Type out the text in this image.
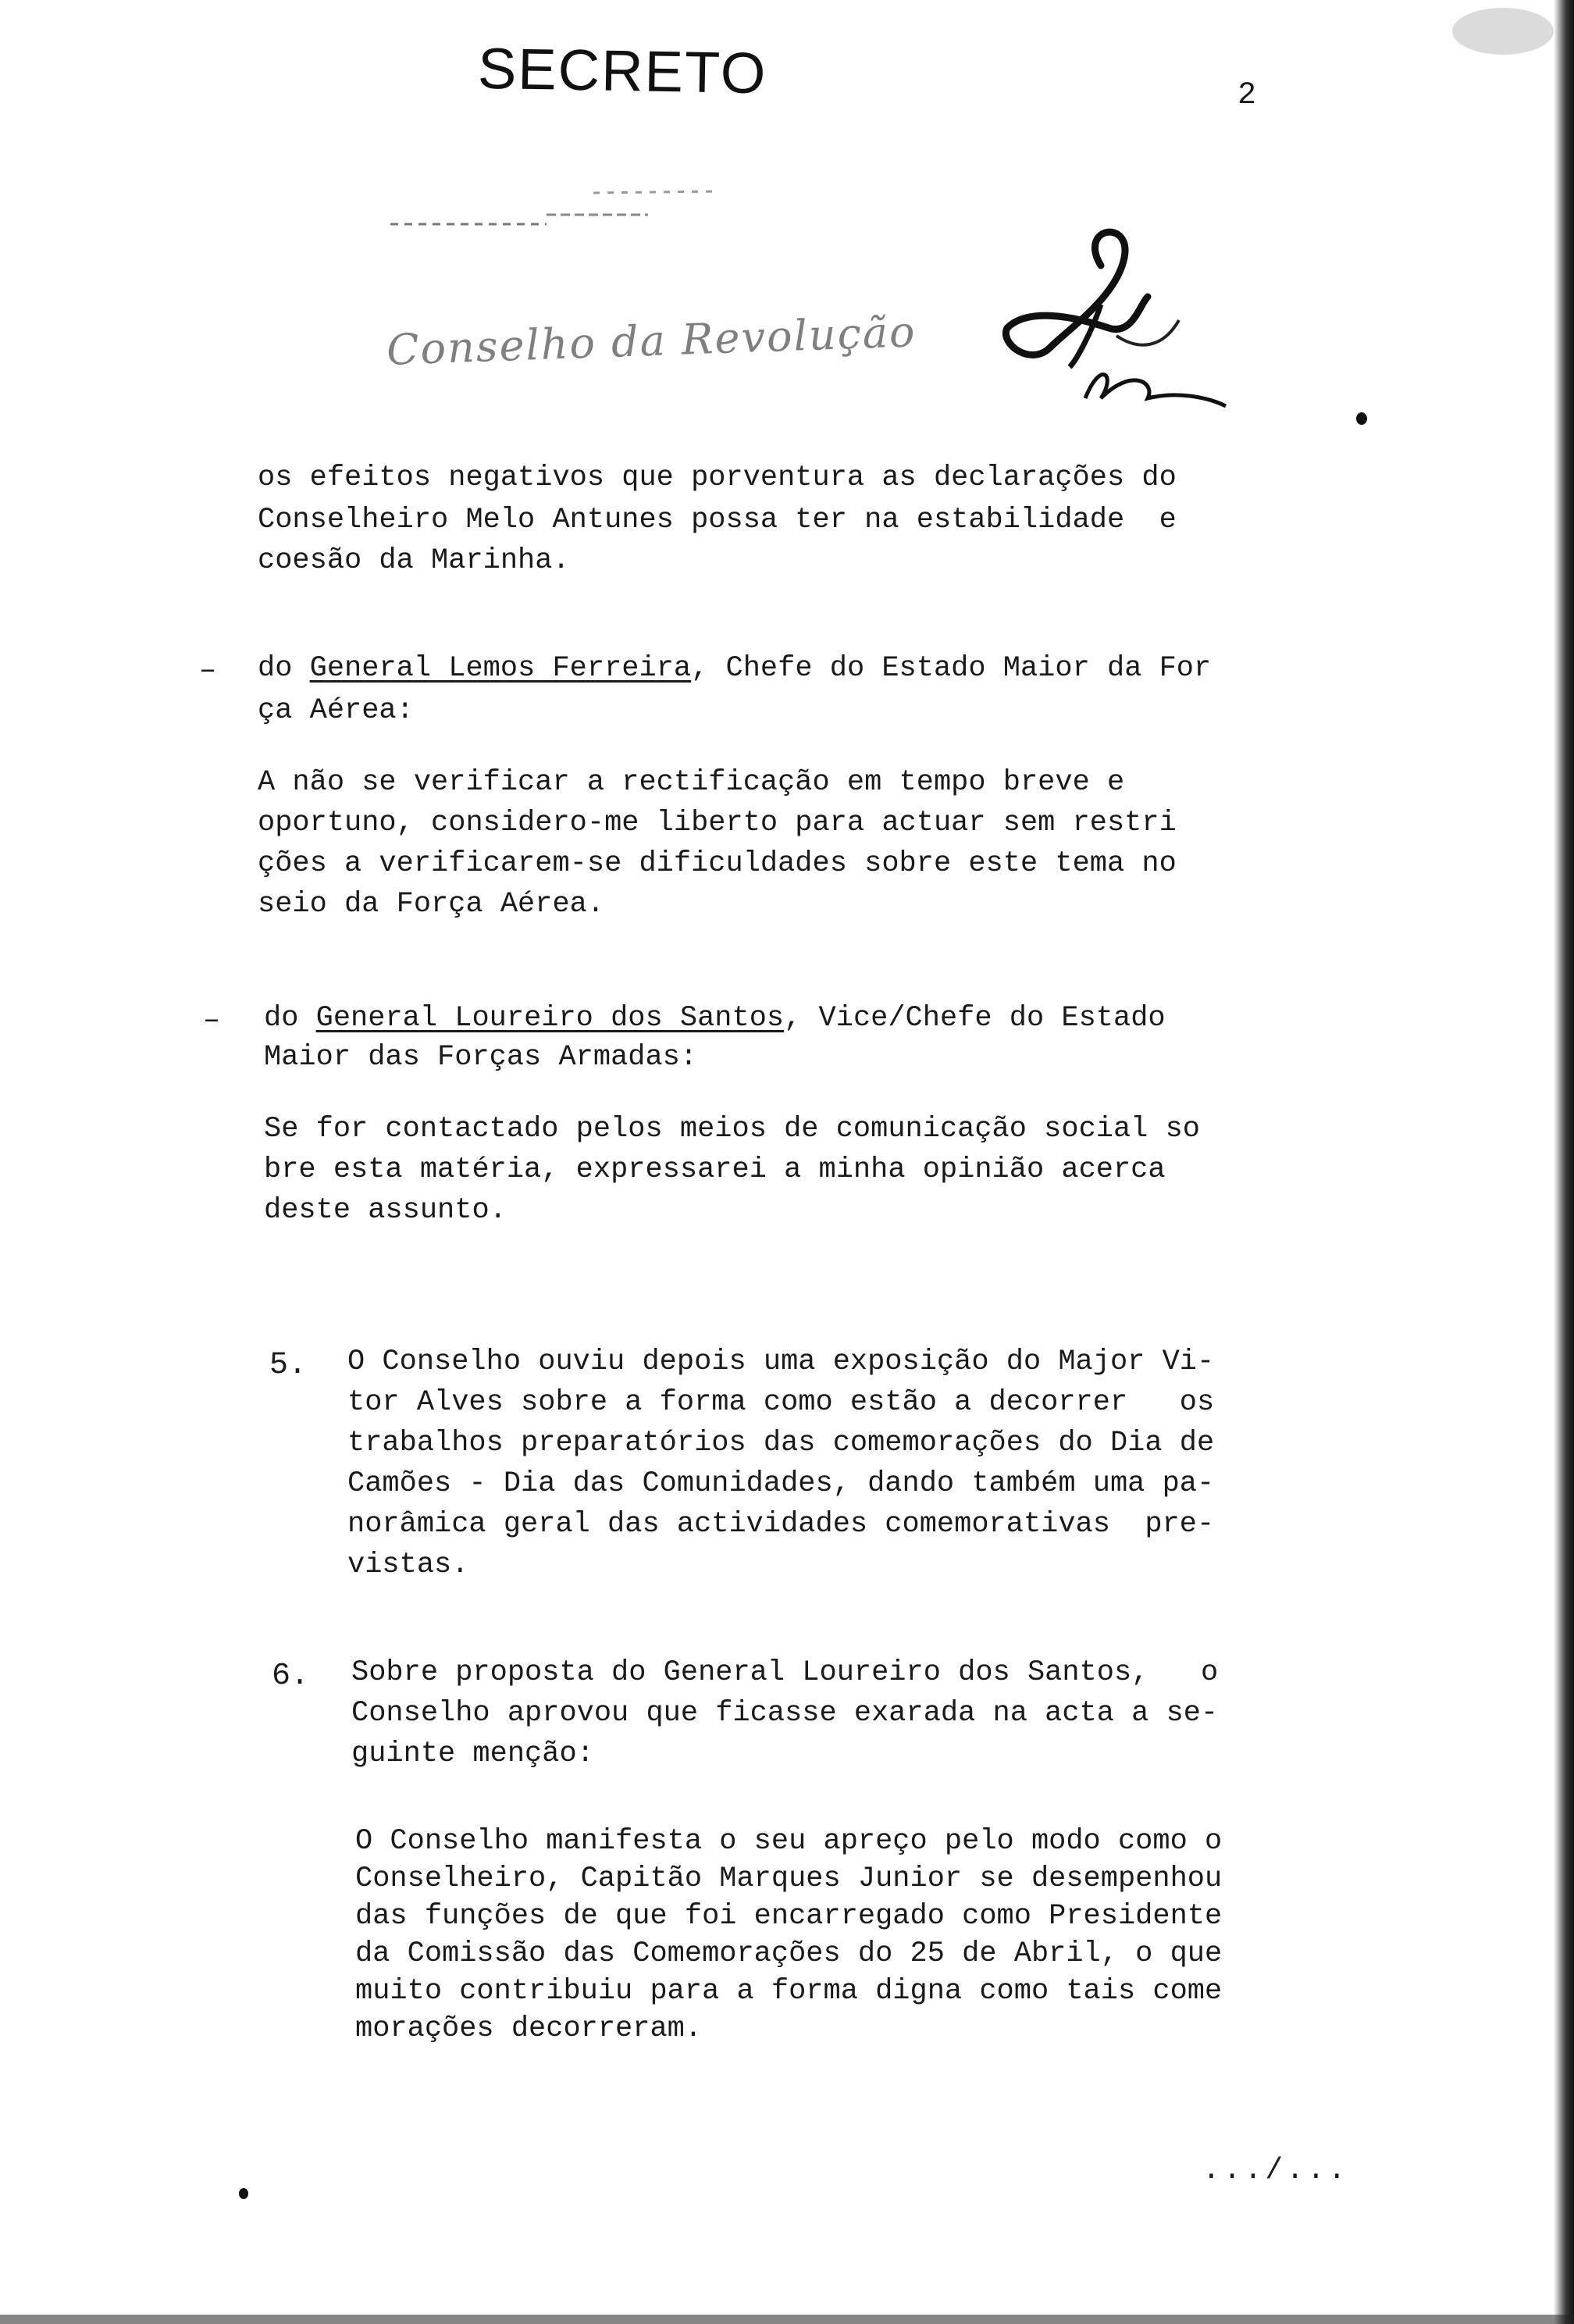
SECRETO	2
Conselho da Revolução
os efeitos negativos que porventura as declarações do
Conselheiro Melo Antunes possa ter na estabilidade  e
coesão da Marinha.
– do General Lemos Ferreira, Chefe do Estado Maior da For
ça Aérea:
A não se verificar a rectificação em tempo breve e
oportuno, considero-me liberto para actuar sem restri
ções a verificarem-se dificuldades sobre este tema no
seio da Força Aérea.
– do General Loureiro dos Santos, Vice/Chefe do Estado
Maior das Forças Armadas:
Se for contactado pelos meios de comunicação social so
bre esta matéria, expressarei a minha opinião acerca
deste assunto.
5. O Conselho ouviu depois uma exposição do Major Vi-
tor Alves sobre a forma como estão a decorrer   os
trabalhos preparatórios das comemorações do Dia de
Camões - Dia das Comunidades, dando também uma pa-
norâmica geral das actividades comemorativas  pre-
vistas.
6. Sobre proposta do General Loureiro dos Santos,   o
Conselho aprovou que ficasse exarada na acta a se-
guinte menção:
O Conselho manifesta o seu apreço pelo modo como o
Conselheiro, Capitão Marques Junior se desempenhou
das funções de que foi encarregado como Presidente
da Comissão das Comemorações do 25 de Abril, o que
muito contribuiu para a forma digna como tais come
morações decorreram.
.../...
